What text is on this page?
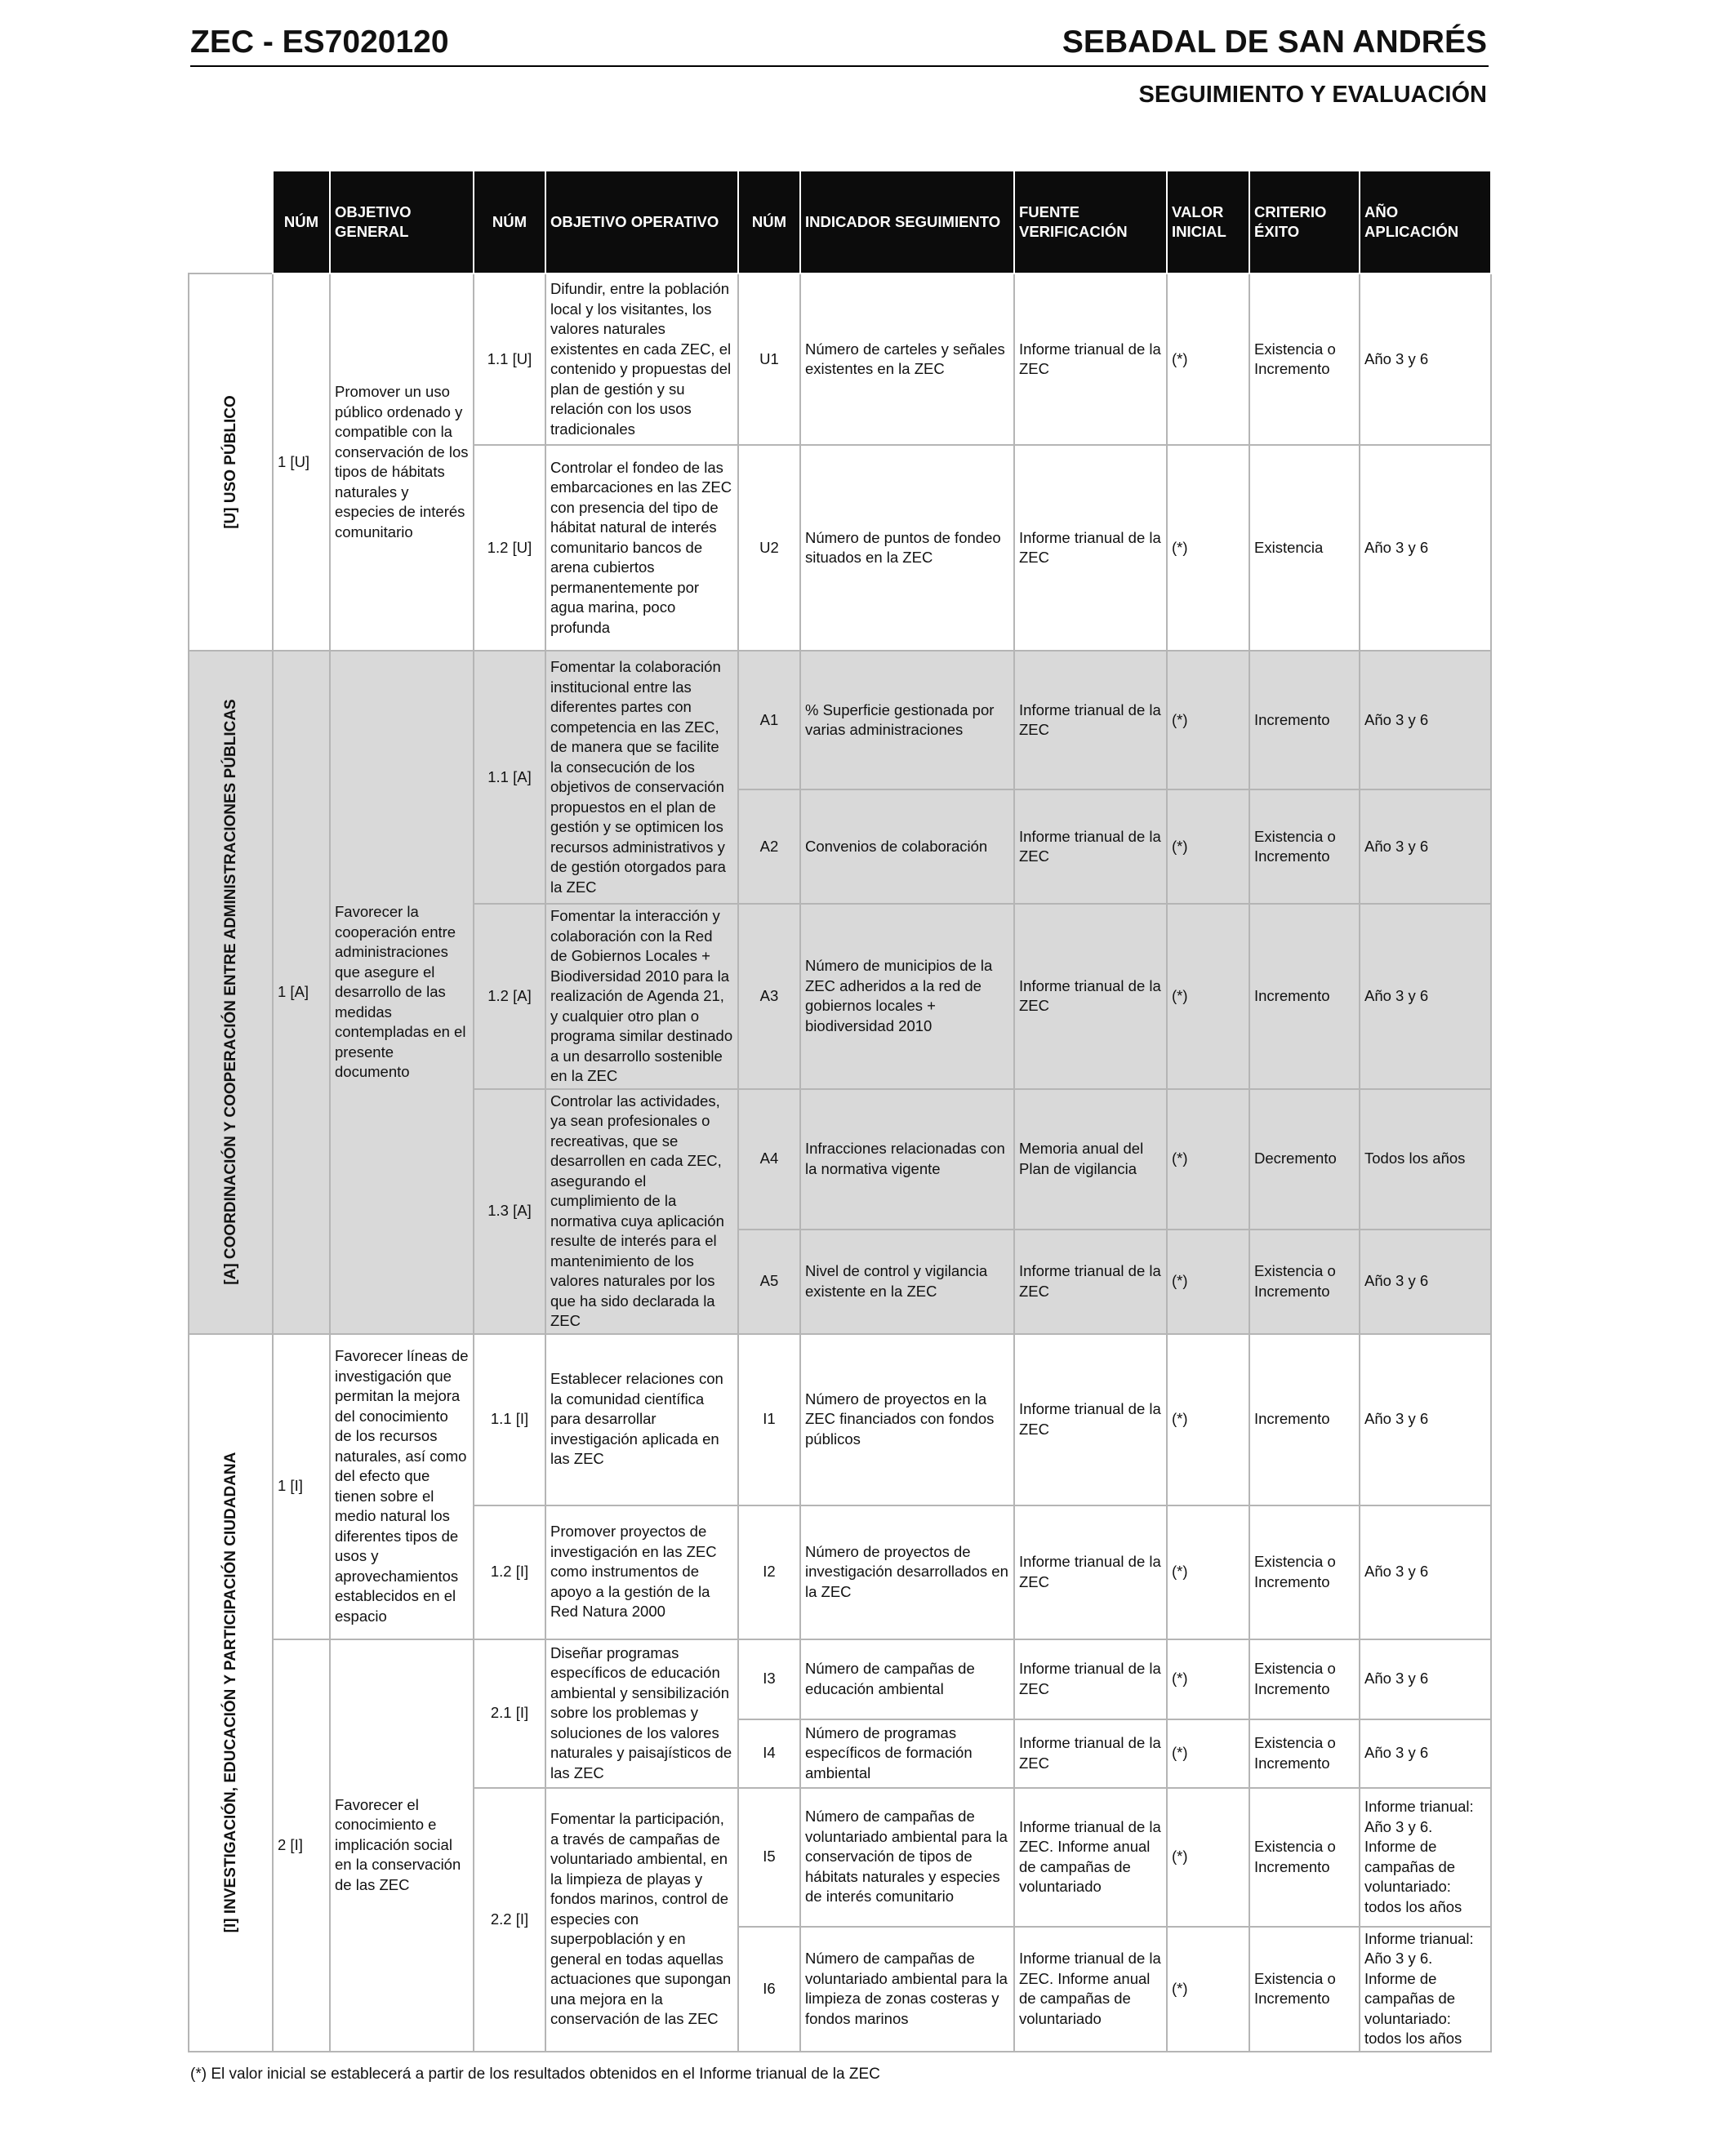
ZEC - ES7020120	SEBADAL DE SAN ANDRÉS
SEGUIMIENTO Y EVALUACIÓN
	NÚM	OBJETIVO GENERAL	NÚM	OBJETIVO OPERATIVO	NÚM	INDICADOR SEGUIMIENTO	FUENTE VERIFICACIÓN	VALOR INICIAL	CRITERIO ÉXITO	AÑO APLICACIÓN

[U] USO PÚBLICO	1 [U]	Promover un uso público ordenado y compatible con la conservación de los tipos de hábitats naturales y especies de interés comunitario	1.1 [U]	Difundir, entre la población local y los visitantes, los valores naturales existentes en cada ZEC, el contenido y propuestas del plan de gestión y su relación con los usos tradicionales	U1	Número de carteles y señales existentes en la ZEC	Informe trianual de la ZEC	(*)	Existencia o Incremento	Año 3 y 6
			1.2 [U]	Controlar el fondeo de las embarcaciones en las ZEC con presencia del tipo de hábitat natural de interés comunitario bancos de arena cubiertos permanentemente por agua marina, poco profunda	U2	Número de puntos de fondeo situados en la ZEC	Informe trianual de la ZEC	(*)	Existencia	Año 3 y 6

[A] COORDINACIÓN Y COOPERACIÓN ENTRE ADMINISTRACIONES PÚBLICAS	1 [A]	Favorecer la cooperación entre administraciones que asegure el desarrollo de las medidas contempladas en el presente documento	1.1 [A]	Fomentar la colaboración institucional entre las diferentes partes con competencia en las ZEC, de manera que se facilite la consecución de los objetivos de conservación propuestos en el plan de gestión y se optimicen los recursos administrativos y de gestión otorgados para la ZEC	A1	% Superficie gestionada por varias administraciones	Informe trianual de la ZEC	(*)	Incremento	Año 3 y 6
					A2	Convenios de colaboración	Informe trianual de la ZEC	(*)	Existencia o Incremento	Año 3 y 6
			1.2 [A]	Fomentar la interacción y colaboración con la Red de Gobiernos Locales + Biodiversidad 2010 para la realización de Agenda 21, y cualquier otro plan o programa similar destinado a un desarrollo sostenible en la ZEC	A3	Número de municipios de la ZEC adheridos a la red de gobiernos locales + biodiversidad 2010	Informe trianual de la ZEC	(*)	Incremento	Año 3 y 6
			1.3 [A]	Controlar las actividades, ya sean profesionales o recreativas, que se desarrollen en cada ZEC, asegurando el cumplimiento de la normativa cuya aplicación resulte de interés para el mantenimiento de los valores naturales por los que ha sido declarada la ZEC	A4	Infracciones relacionadas con la normativa vigente	Memoria anual del Plan de vigilancia	(*)	Decremento	Todos los años
					A5	Nivel de control y vigilancia existente en la ZEC	Informe trianual de la ZEC	(*)	Existencia o Incremento	Año 3 y 6

[I] INVESTIGACIÓN, EDUCACIÓN Y PARTICIPACIÓN CIUDADANA	1 [I]	Favorecer líneas de investigación que permitan la mejora del conocimiento de los recursos naturales, así como del efecto que tienen sobre el medio natural los diferentes tipos de usos y aprovechamientos establecidos en el espacio	1.1 [I]	Establecer relaciones con la comunidad científica para desarrollar investigación aplicada en las ZEC	I1	Número de proyectos en la ZEC financiados con fondos públicos	Informe trianual de la ZEC	(*)	Incremento	Año 3 y 6
			1.2 [I]	Promover proyectos de investigación en las ZEC como instrumentos de apoyo a la gestión de la Red Natura 2000	I2	Número de proyectos de investigación desarrollados en la ZEC	Informe trianual de la ZEC	(*)	Existencia o Incremento	Año 3 y 6
	2 [I]	Favorecer el conocimiento e implicación social en la conservación de las ZEC	2.1 [I]	Diseñar programas específicos de educación ambiental y sensibilización sobre los problemas y soluciones de los valores naturales y paisajísticos de las ZEC	I3	Número de campañas de educación ambiental	Informe trianual de la ZEC	(*)	Existencia o Incremento	Año 3 y 6
					I4	Número de programas específicos de formación ambiental	Informe trianual de la ZEC	(*)	Existencia o Incremento	Año 3 y 6
			2.2 [I]	Fomentar la participación, a través de campañas de voluntariado ambiental, en la limpieza de playas y fondos marinos, control de especies con superpoblación y en general en todas aquellas actuaciones que supongan una mejora en la conservación de las ZEC	I5	Número de campañas de voluntariado ambiental para la conservación de tipos de hábitats naturales y especies de interés comunitario	Informe trianual de la ZEC. Informe anual de campañas de voluntariado	(*)	Existencia o Incremento	Informe trianual: Año 3 y 6. Informe de campañas de voluntariado: todos los años
					I6	Número de campañas de voluntariado ambiental para la limpieza de zonas costeras y fondos marinos	Informe trianual de la ZEC. Informe anual de campañas de voluntariado	(*)	Existencia o Incremento	Informe trianual: Año 3 y 6. Informe de campañas de voluntariado: todos los años
(*) El valor inicial se establecerá a partir de los resultados obtenidos en el Informe trianual de la ZEC
